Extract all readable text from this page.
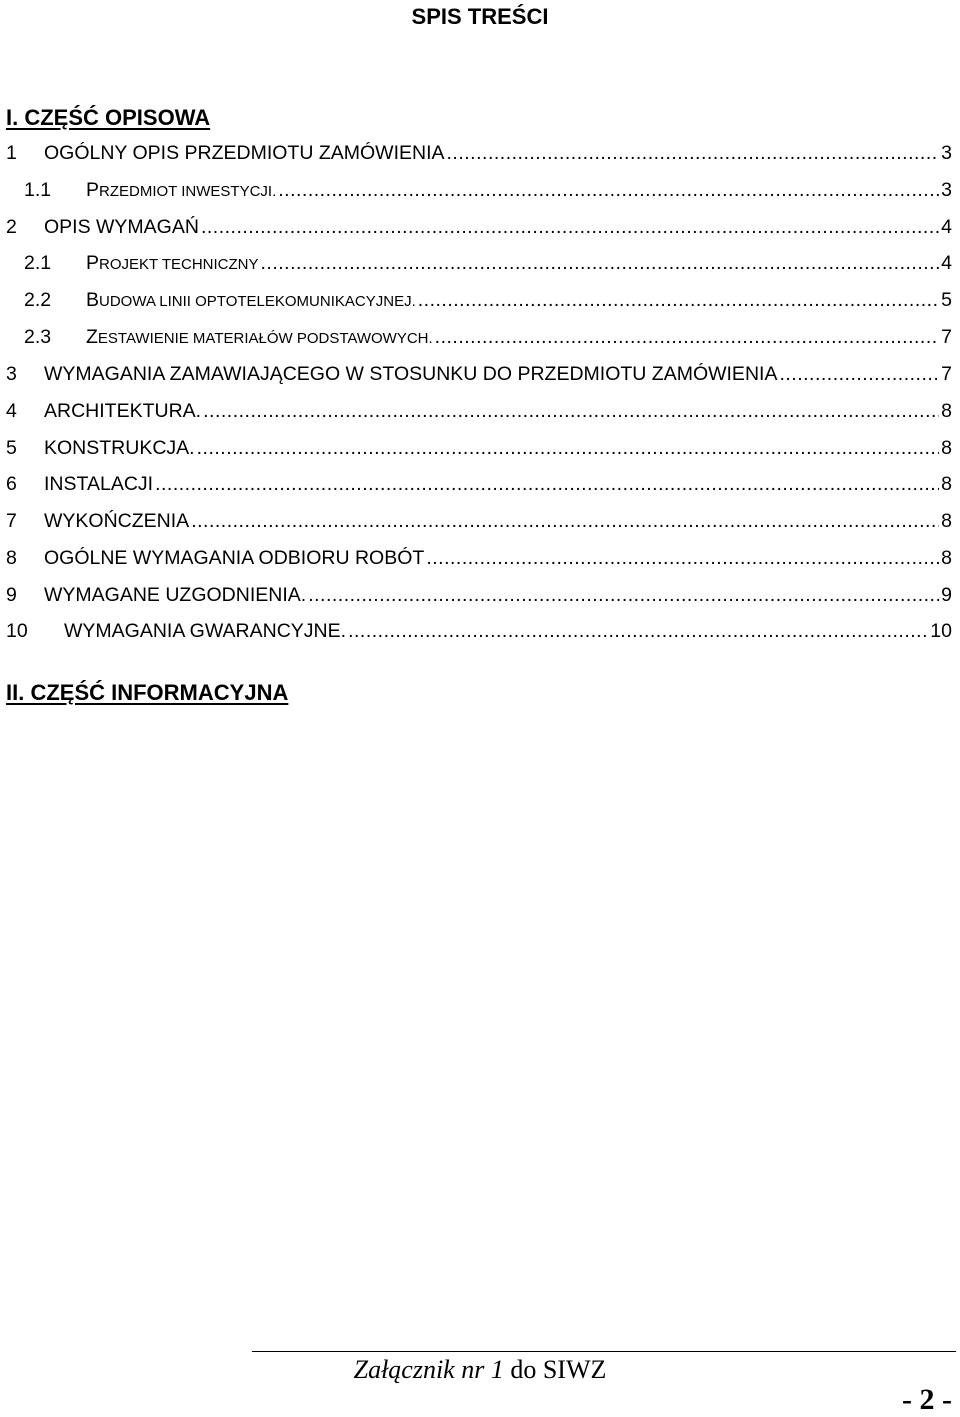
SPIS TREŚCI
I. CZĘŚĆ OPISOWA
1	OGÓLNY OPIS PRZEDMIOTU ZAMÓWIENIA .....	3
1.1	PRZEDMIOT INWESTYCJI. .....	3
2	OPIS WYMAGAŃ .....	4
2.1	PROJEKT TECHNICZNY .....	4
2.2	BUDOWA LINII OPTOTELEKOMUNIKACYJNEJ. .....	5
2.3	ZESTAWIENIE MATERIAŁÓW PODSTAWOWYCH. .....	7
3	WYMAGANIA ZAMAWIAJĄCEGO W STOSUNKU DO PRZEDMIOTU ZAMÓWIENIA .....	7
4	ARCHITEKTURA. .....	8
5	KONSTRUKCJA. .....	8
6	INSTALACJI .....	8
7	WYKOŃCZENIA .....	8
8	OGÓLNE WYMAGANIA ODBIORU ROBÓT .....	8
9	WYMAGANE UZGODNIENIA. .....	9
10	WYMAGANIA GWARANCYJNE. .....	10
II. CZĘŚĆ INFORMACYJNA
Załącznik nr 1 do SIWZ
- 2 -
